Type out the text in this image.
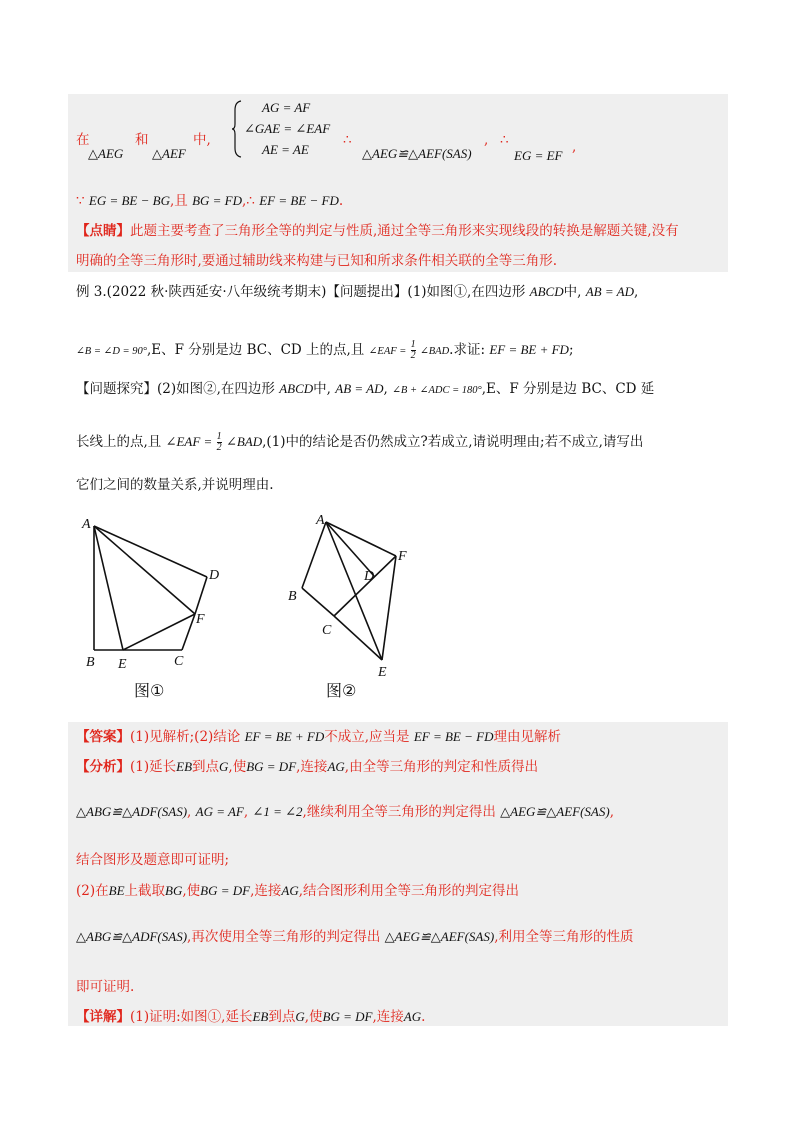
在
△AEG
和
△AEF
中,
AG = AF
∠GAE = ∠EAF
AE = AE
∴
△AEG≌△AEF(SAS)
, ∴
EG = EF
,
∵ EG = BE − BG,且 BG = FD,∴ EF = BE − FD.
【点睛】此题主要考查了三角形全等的判定与性质,通过全等三角形来实现线段的转换是解题关键,没有
明确的全等三角形时,要通过辅助线来构建与已知和所求条件相关联的全等三角形.
例 3.(2022 秋·陕西延安·八年级统考期末)【问题提出】(1)如图①,在四边形 ABCD中, AB = AD,
∠B = ∠D = 90°,E、F 分别是边 BC、CD 上的点,且 ∠EAF = $\frac{1}{2}$ ∠BAD.求证: EF = BE + FD;
【问题探究】(2)如图②,在四边形 ABCD中, AB = AD, ∠B + ∠ADC = 180°,E、F 分别是边 BC、CD 延
长线上的点,且 ∠EAF = $\frac{1}{2}$ ∠BAD,(1)中的结论是否仍然成立?若成立,请说明理由;若不成立,请写出
它们之间的数量关系,并说明理由.
A
B E	C
F
D
图①
A
B
C
D
F
E
图②
【答案】(1)见解析;(2)结论 EF = BE + FD不成立,应当是 EF = BE − FD理由见解析
【分析】(1)延长EB到点G,使BG = DF,连接AG,由全等三角形的判定和性质得出
△ABG≌△ADF(SAS), AG = AF, ∠1 = ∠2,继续利用全等三角形的判定得出 △AEG≌△AEF(SAS),
结合图形及题意即可证明;
(2)在BE上截取BG,使BG = DF,连接AG,结合图形利用全等三角形的判定得出
△ABG≌△ADF(SAS),再次使用全等三角形的判定得出 △AEG≌△AEF(SAS),利用全等三角形的性质
即可证明.
【详解】(1)证明:如图①,延长EB到点G,使BG = DF,连接AG.
